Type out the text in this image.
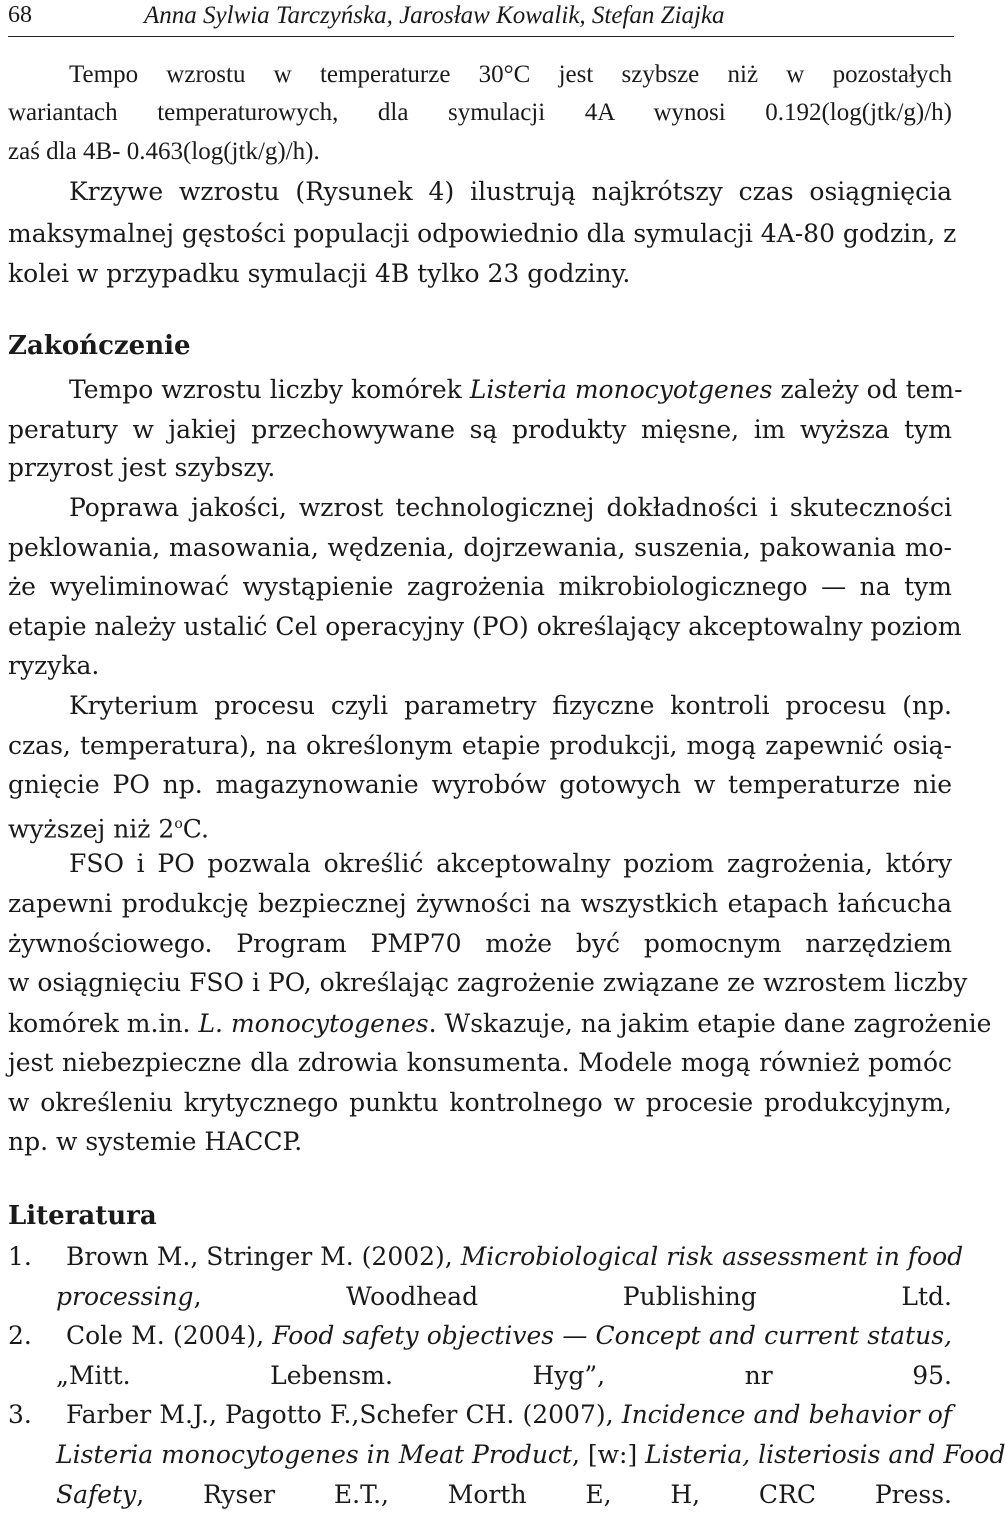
68	Anna Sylwia Tarczyńska, Jarosław Kowalik, Stefan Ziajka
Tempo wzrostu w temperaturze 30°C jest szybsze niż w pozostałych
wariantach temperaturowych, dla symulacji 4A wynosi 0.192(log(jtk/g)/h)
zaś dla 4B- 0.463(log(jtk/g)/h).
Krzywe wzrostu (Rysunek 4) ilustrują najkrótszy czas osiągnięcia
maksymalnej gęstości populacji odpowiednio dla symulacji 4A-80 godzin, z
kolei w przypadku symulacji 4B tylko 23 godziny.
Zakończenie
Tempo wzrostu liczby komórek Listeria monocyotgenes zależy od tem-
peratury w jakiej przechowywane są produkty mięsne, im wyższa tym
przyrost jest szybszy.
Poprawa jakości, wzrost technologicznej dokładności i skuteczności
peklowania, masowania, wędzenia, dojrzewania, suszenia, pakowania mo-
że wyeliminować wystąpienie zagrożenia mikrobiologicznego — na tym
etapie należy ustalić Cel operacyjny (PO) określający akceptowalny poziom
ryzyka.
Kryterium procesu czyli parametry fizyczne kontroli procesu (np.
czas, temperatura), na określonym etapie produkcji, mogą zapewnić osią-
gnięcie PO np. magazynowanie wyrobów gotowych w temperaturze nie
wyższej niż 2$^o$C.
FSO i PO pozwala określić akceptowalny poziom zagrożenia, który
zapewni produkcję bezpiecznej żywności na wszystkich etapach łańcucha
żywnościowego. Program PMP70 może być pomocnym narzędziem
w osiągnięciu FSO i PO, określając zagrożenie związane ze wzrostem liczby
komórek m.in. L. monocytogenes. Wskazuje, na jakim etapie dane zagrożenie
jest niebezpieczne dla zdrowia konsumenta. Modele mogą również pomóc
w określeniu krytycznego punktu kontrolnego w procesie produkcyjnym,
np. w systemie HACCP.
Literatura
1. Brown M., Stringer M. (2002), Microbiological risk assessment in food
processing, Woodhead Publishing Ltd.
2. Cole M. (2004), Food safety objectives — Concept and current status,
„Mitt. Lebensm. Hyg”, nr 95.
3. Farber M.J., Pagotto F.,Schefer CH. (2007), Incidence and behavior of
Listeria monocytogenes in Meat Product, [w:] Listeria, listeriosis and Food
Safety, Ryser E.T., Morth E, H, CRC Press.
